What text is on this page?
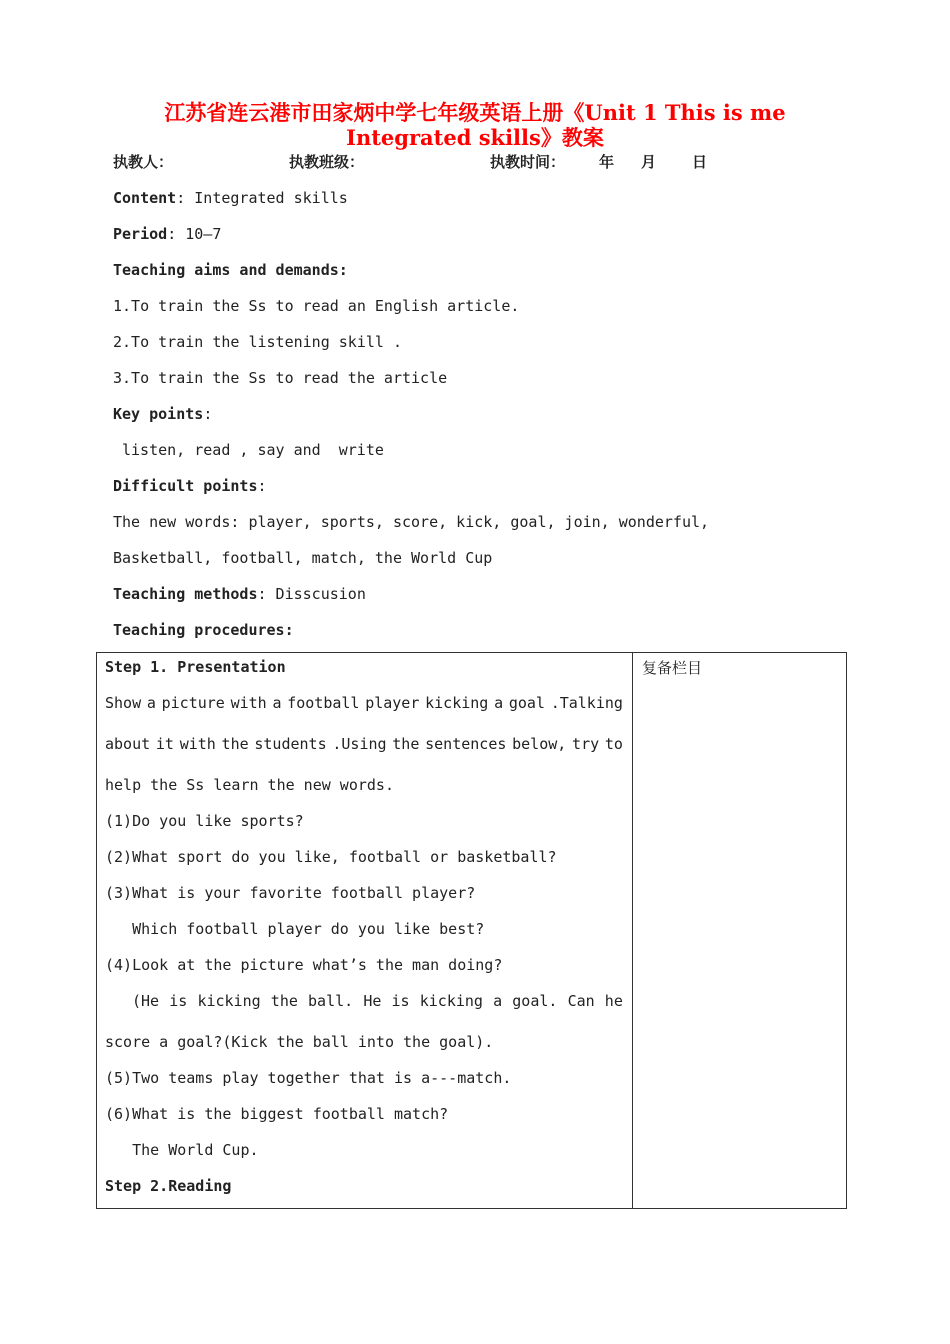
江苏省连云港市田家炳中学七年级英语上册《Unit 1 This is me
Integrated skills》教案

执教人：

	执教班级：

	执教时间：

年

月

日

Content: Integrated skills
Period: 10—7
Teaching aims and demands:
1.To train the Ss to read an English article.
2.To train the listening skill .
3.To train the Ss to read the article
Key points:
listen, read , say and  write
Difficult points:
The new words: player, sports, score, kick, goal, join, wonderful,
Basketball, football, match, the World Cup
Teaching methods: Disscusion
Teaching procedures:
复备栏目
Step 1. Presentation
Show a picture with a football player kicking a goal .Talking
about it with the students .Using the sentences below, try to
help the Ss learn the new words.
(1)Do you like sports?
(2)What sport do you like, football or basketball?
(3)What is your favorite football player?
Which football player do you like best?
(4)Look at the picture what’s the man doing?
(He is kicking the ball. He is kicking a goal. Can he
score a goal?(Kick the ball into the goal).
(5)Two teams play together that is a---match.
(6)What is the biggest football match?
The World Cup.
Step 2.Reading
